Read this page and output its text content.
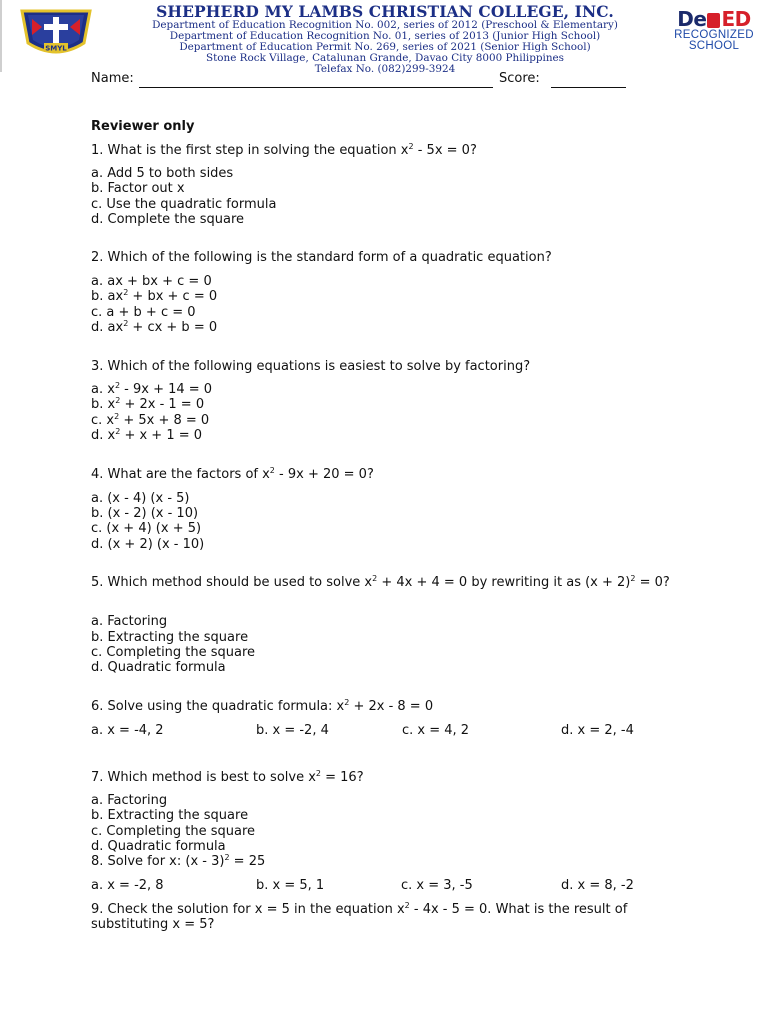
SMYL
SHEPHERD MY LAMBS CHRISTIAN COLLEGE, INC.
Department of Education Recognition No. 002, series of 2012 (Preschool & Elementary)
Department of Education Recognition No. 01, series of 2013 (Junior High School)
Department of Education Permit No. 269, series of 2021 (Senior High School)
Stone Rock Village, Catalunan Grande, Davao City 8000 Philippines
Telefax No. (082)299-3924
De ED
RECOGNIZED
SCHOOL
Name:	Score:
Reviewer only
1. What is the first step in solving the equation $x^2 - 5x = 0$?
a. Add 5 to both sides
b. Factor out x
c. Use the quadratic formula
d. Complete the square
2. Which of the following is the standard form of a quadratic equation?
a. ax + bx + c = 0
b. $ax^2$ + bx + c = 0
c. a + b + c = 0
d. $ax^2$ + cx + b = 0
3. Which of the following equations is easiest to solve by factoring?
a. $x^2 - 9x + 14 = 0$
b. $x^2 + 2x - 1 = 0$
c. $x^2 + 5x + 8 = 0$
d. $x^2 + x + 1 = 0$
4. What are the factors of $x^2 - 9x + 20 = 0$?
a. (x - 4) (x - 5)
b. (x - 2) (x - 10)
c. (x + 4) (x + 5)
d. (x + 2) (x - 10)
5. Which method should be used to solve $x^2 + 4x + 4 = 0$ by rewriting it as $(x + 2)^2 = 0$?
a. Factoring
b. Extracting the square
c. Completing the square
d. Quadratic formula
6. Solve using the quadratic formula: $x^2 + 2x - 8 = 0$
a. x = -4, 2	b. x = -2, 4	c. x = 4, 2	d. x = 2, -4
7. Which method is best to solve $x^2 = 16$?
a. Factoring
b. Extracting the square
c. Completing the square
d. Quadratic formula
8. Solve for x: (x - 3)$^2$ = 25
a. x = -2, 8	b. x = 5, 1	c. x = 3, -5	d. x = 8, -2
9. Check the solution for x = 5 in the equation $x^2 - 4x - 5 = 0$. What is the result of substituting x = 5?
